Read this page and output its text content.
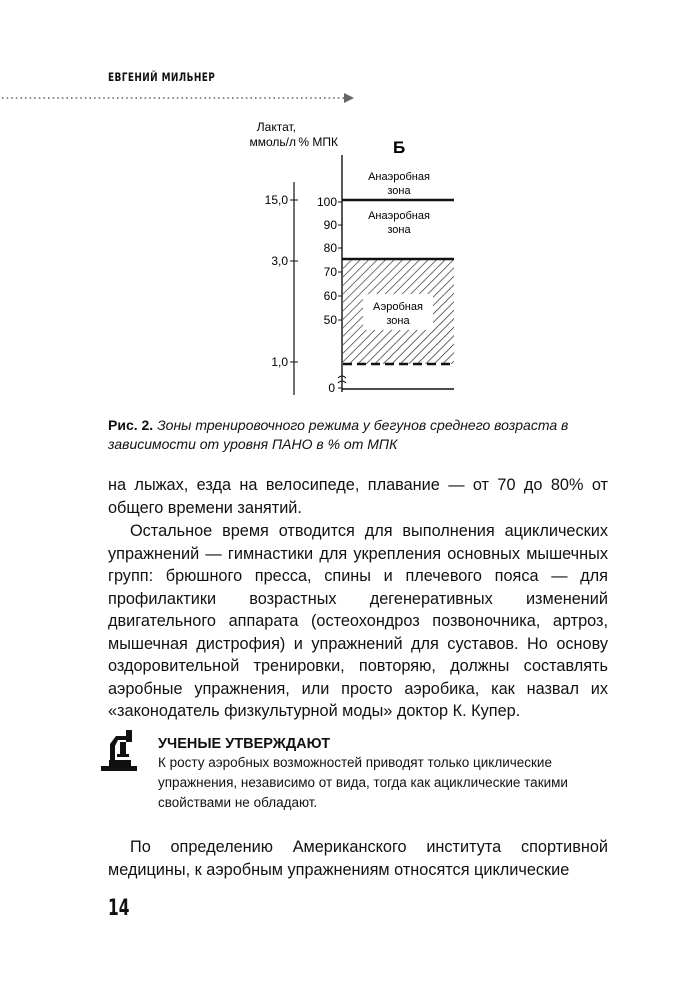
ЕВГЕНИЙ МИЛЬНЕР
Лактат,
ммоль/л % МПК	Б
15,0
3,0
1,0
100
90
80
70
60
50
0
Анаэробная
зона
Анаэробная
зона
Аэробная
зона
Рис. 2. Зоны тренировочного режима у бегунов среднего возраста в зависимости от уровня ПАНО в % от МПК

на лыжах, езда на велосипеде, плавание — от 70 до 80% от общего времени занятий.

Остальное время отводится для выполнения ациклических упражнений — гимнастики для укрепления основных мышечных групп: брюшного пресса, спины и плечевого пояса — для профилактики возрастных дегенеративных изменений двигательного аппарата (остеохондроз позвоночника, артроз, мышечная дистрофия) и упражнений для суставов. Но основу оздоровительной тренировки, повторяю, должны составлять аэробные упражнения, или просто аэробика, как назвал их «законодатель физкультурной моды» доктор К. Купер.

УЧЕНЫЕ УТВЕРЖДАЮТ

К росту аэробных возможностей приводят только циклические упражнения, независимо от вида, тогда как ациклические такими свойствами не обладают.

По определению Американского института спортивной медицины, к аэробным упражнениям относятся циклические

14
